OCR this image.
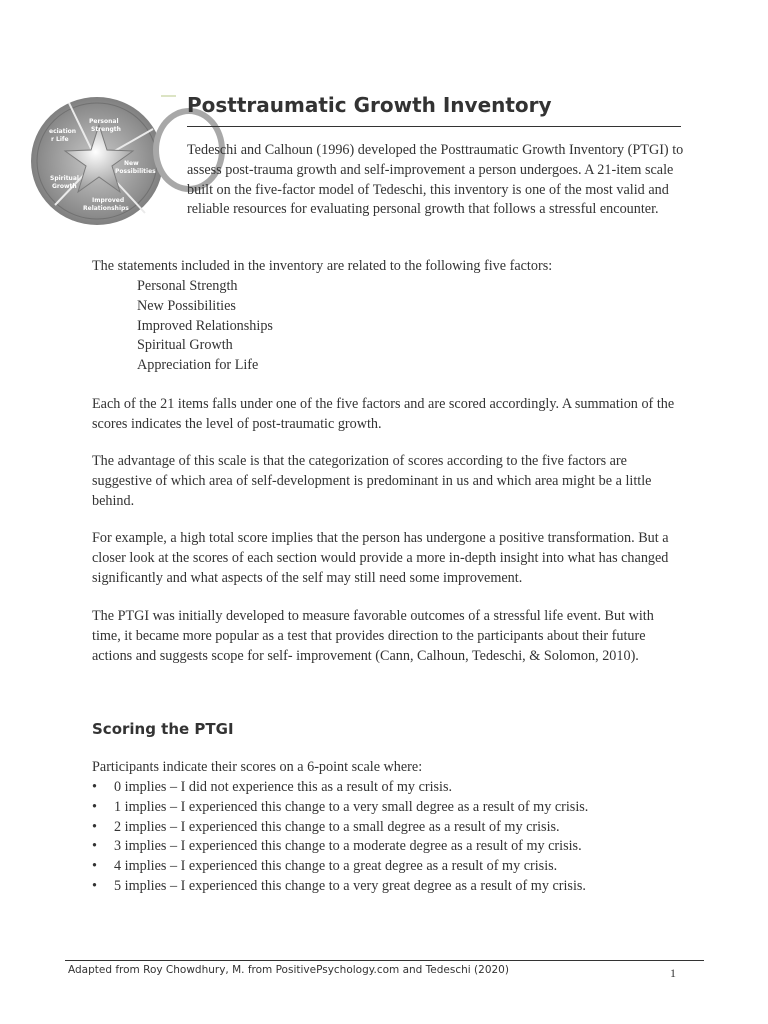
Personal
Strength
New
Possibilities
Improved
Relationships
Spiritual
Growth
eciation
r Life
Apprecia
Posttraumatic Growth Inventory
Tedeschi and Calhoun (1996) developed the Posttraumatic Growth Inventory (PTGI) to assess post-trauma growth and self-improvement a person undergoes. A 21-item scale built on the five-factor model of Tedeschi, this inventory is one of the most valid and reliable resources for evaluating personal growth that follows a stressful encounter.
The statements included in the inventory are related to the following five factors:
Personal Strength
New Possibilities
Improved Relationships
Spiritual Growth
Appreciation for Life
Each of the 21 items falls under one of the five factors and are scored accordingly. A summation of the scores indicates the level of post-traumatic growth.
The advantage of this scale is that the categorization of scores according to the five factors are suggestive of which area of self-development is predominant in us and which area might be a little behind.
For example, a high total score implies that the person has undergone a positive transformation. But a closer look at the scores of each section would provide a more in-depth insight into what has changed significantly and what aspects of the self may still need some improvement.
The PTGI was initially developed to measure favorable outcomes of a stressful life event. But with time, it became more popular as a test that provides direction to the participants about their future actions and suggests scope for self- improvement (Cann, Calhoun, Tedeschi, & Solomon, 2010).
Scoring the PTGI
Participants indicate their scores on a 6-point scale where:
•	0 implies – I did not experience this as a result of my crisis.
•	1 implies – I experienced this change to a very small degree as a result of my crisis.
•	2 implies – I experienced this change to a small degree as a result of my crisis.
•	3 implies – I experienced this change to a moderate degree as a result of my crisis.
•	4 implies – I experienced this change to a great degree as a result of my crisis.
•	5 implies – I experienced this change to a very great degree as a result of my crisis.
Adapted from Roy Chowdhury, M. from PositivePsychology.com and Tedeschi (2020)	1
